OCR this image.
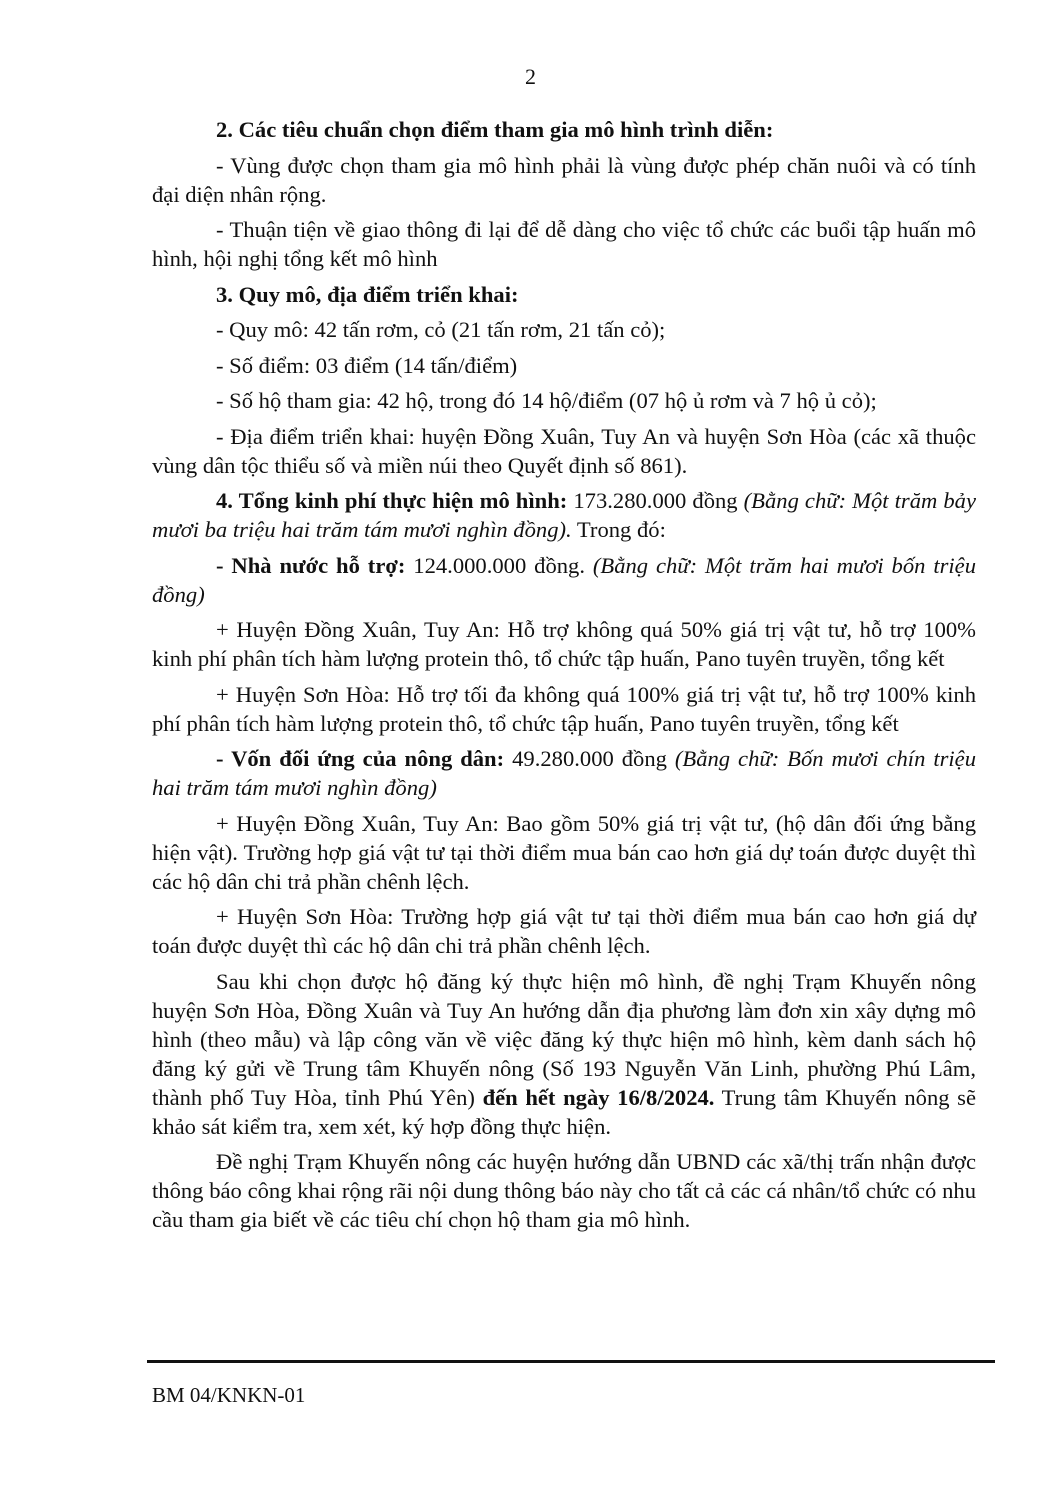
2

2. Các tiêu chuẩn chọn điểm tham gia mô hình trình diễn:

- Vùng được chọn tham gia mô hình phải là vùng được phép chăn nuôi và có tính đại diện nhân rộng.

- Thuận tiện về giao thông đi lại để dễ dàng cho việc tổ chức các buổi tập huấn mô hình, hội nghị tổng kết mô hình

3. Quy mô, địa điểm triển khai:

- Quy mô: 42 tấn rơm, cỏ (21 tấn rơm, 21 tấn cỏ);

- Số điểm: 03 điểm (14 tấn/điểm)

- Số hộ tham gia: 42 hộ, trong đó 14 hộ/điểm (07 hộ ủ rơm và 7 hộ ủ cỏ);

- Địa điểm triển khai: huyện Đồng Xuân, Tuy An và huyện Sơn Hòa (các xã thuộc vùng dân tộc thiểu số và miền núi theo Quyết định số 861).

4. Tổng kinh phí thực hiện mô hình: 173.280.000 đồng (Bằng chữ: Một trăm bảy mươi ba triệu hai trăm tám mươi nghìn đồng). Trong đó:

- Nhà nước hỗ trợ: 124.000.000 đồng. (Bằng chữ: Một trăm hai mươi bốn triệu đồng)

+ Huyện Đồng Xuân, Tuy An: Hỗ trợ không quá 50% giá trị vật tư, hỗ trợ 100% kinh phí phân tích hàm lượng protein thô, tổ chức tập huấn, Pano tuyên truyền, tổng kết

+ Huyện Sơn Hòa: Hỗ trợ tối đa không quá 100% giá trị vật tư, hỗ trợ 100% kinh phí phân tích hàm lượng protein thô, tổ chức tập huấn, Pano tuyên truyền, tổng kết

- Vốn đối ứng của nông dân: 49.280.000 đồng (Bằng chữ: Bốn mươi chín triệu hai trăm tám mươi nghìn đồng)

+ Huyện Đồng Xuân, Tuy An: Bao gồm 50% giá trị vật tư, (hộ dân đối ứng bằng hiện vật). Trường hợp giá vật tư tại thời điểm mua bán cao hơn giá dự toán được duyệt thì các hộ dân chi trả phần chênh lệch.

+ Huyện Sơn Hòa: Trường hợp giá vật tư tại thời điểm mua bán cao hơn giá dự toán được duyệt thì các hộ dân chi trả phần chênh lệch.

Sau khi chọn được hộ đăng ký thực hiện mô hình, đề nghị Trạm Khuyến nông huyện Sơn Hòa, Đồng Xuân và Tuy An hướng dẫn địa phương làm đơn xin xây dựng mô hình (theo mẫu) và lập công văn về việc đăng ký thực hiện mô hình, kèm danh sách hộ đăng ký gửi về Trung tâm Khuyến nông (Số 193 Nguyễn Văn Linh, phường Phú Lâm, thành phố Tuy Hòa, tỉnh Phú Yên) đến hết ngày 16/8/2024. Trung tâm Khuyến nông sẽ khảo sát kiểm tra, xem xét, ký hợp đồng thực hiện.

Đề nghị Trạm Khuyến nông các huyện hướng dẫn UBND các xã/thị trấn nhận được thông báo công khai rộng rãi nội dung thông báo này cho tất cả các cá nhân/tổ chức có nhu cầu tham gia biết về các tiêu chí chọn hộ tham gia mô hình.

BM 04/KNKN-01
